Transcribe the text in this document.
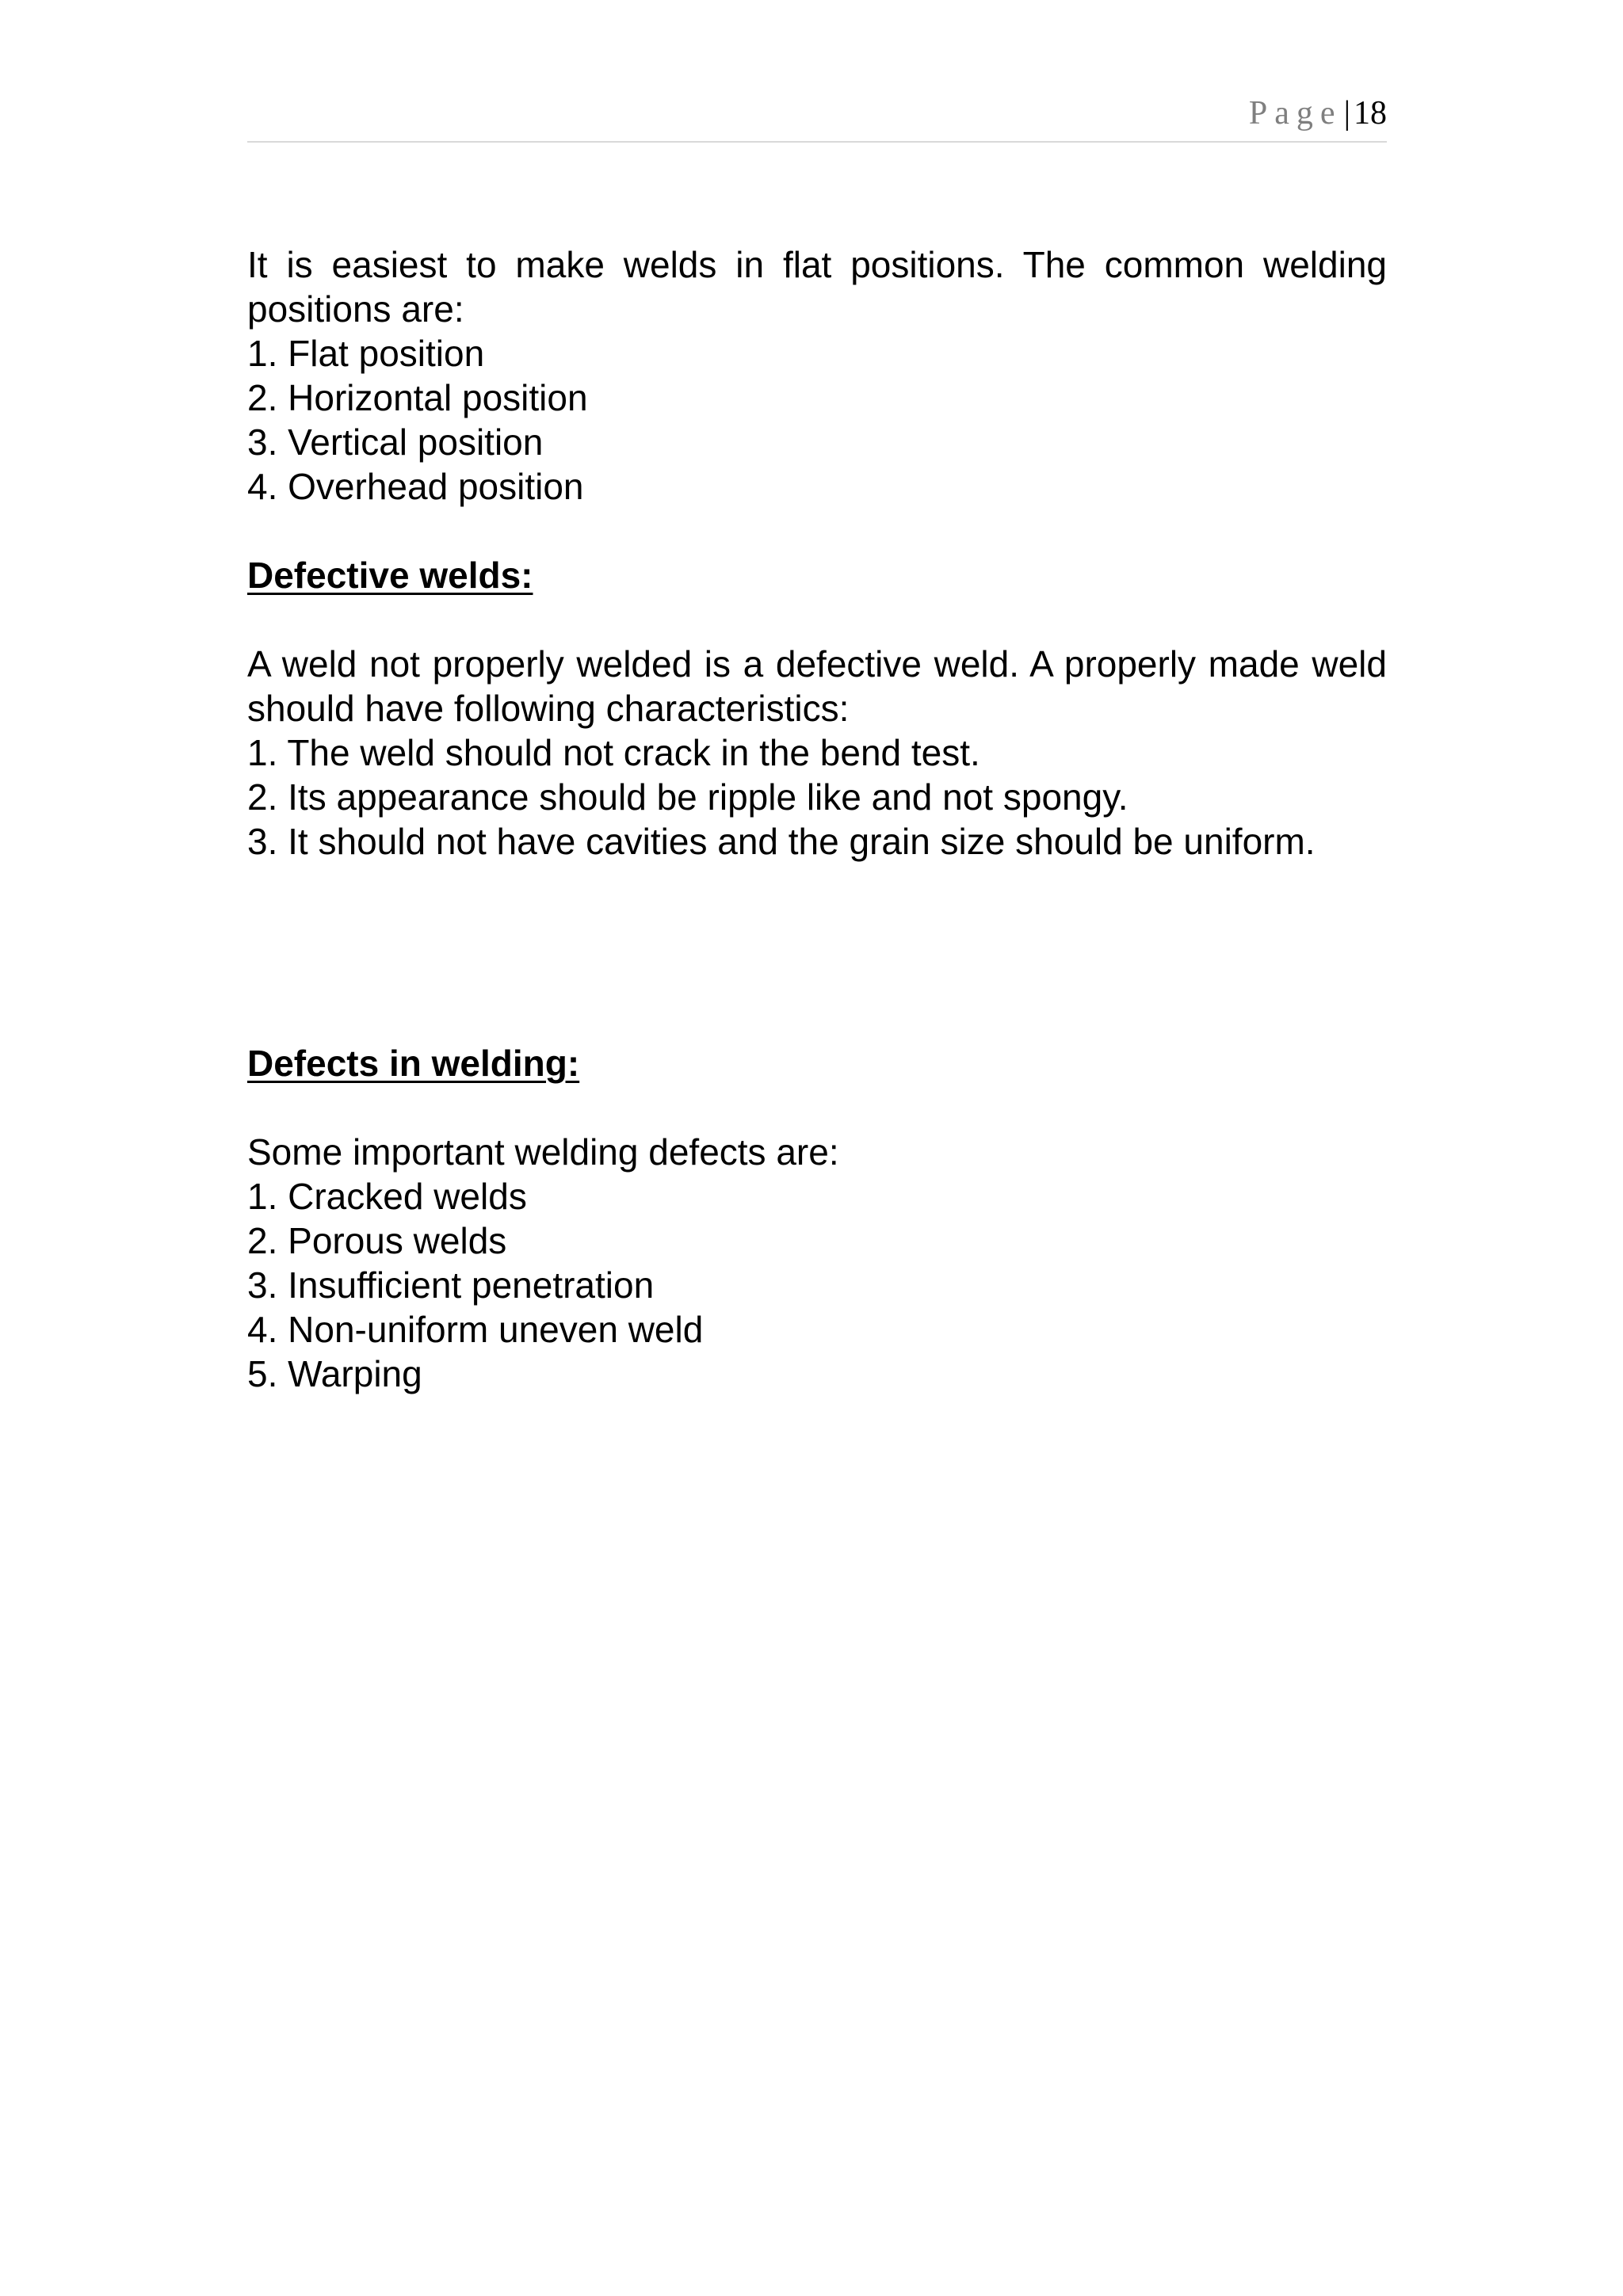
Page|18

It is easiest to make welds in flat positions. The common welding positions are:

1. Flat position
2. Horizontal position
3. Vertical position
4. Overhead position

Defective welds:

A weld not properly welded is a defective weld. A properly made weld should have following characteristics:

1. The weld should not crack in the bend test.
2. Its appearance should be ripple like and not spongy.
3. It should not have cavities and the grain size should be uniform.

Defects in welding:

Some important welding defects are:

1. Cracked welds
2. Porous welds
3. Insufficient penetration
4. Non-uniform uneven weld
5. Warping
